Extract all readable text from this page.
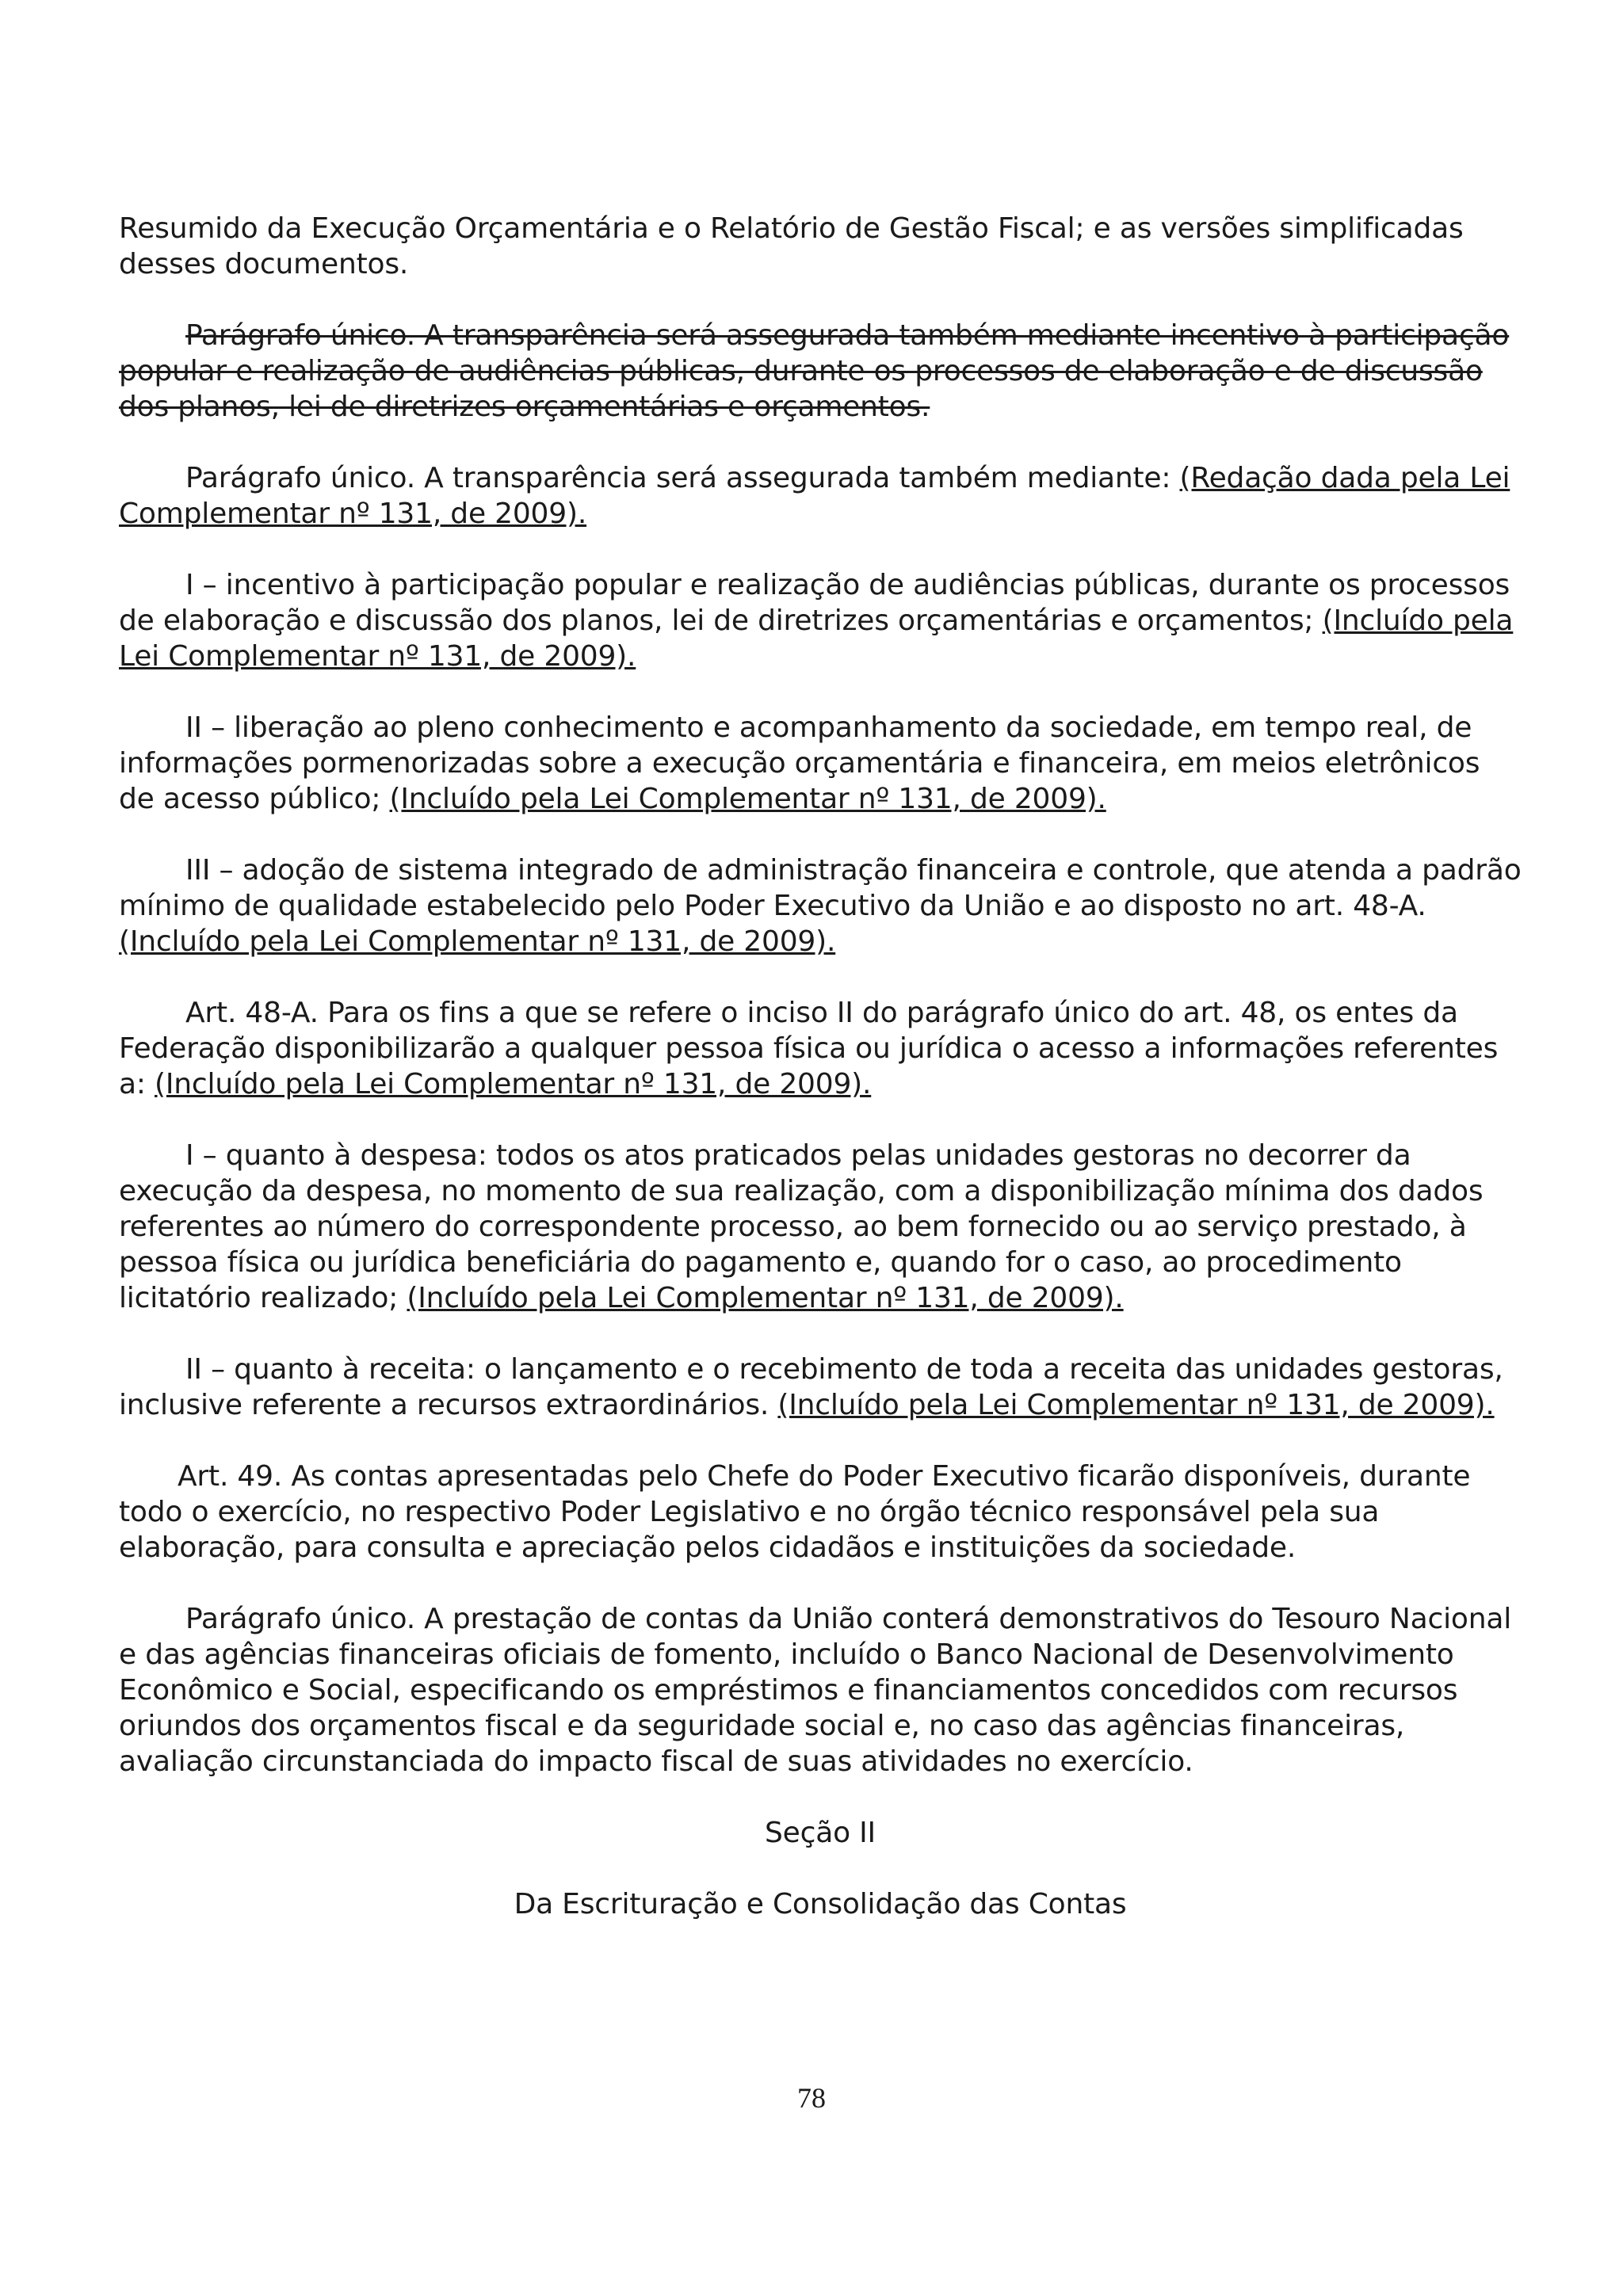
Resumido da Execução Orçamentária e o Relatório de Gestão Fiscal; e as versões simplificadas desses documentos.

Parágrafo único. A transparência será assegurada também mediante incentivo à participação popular e realização de audiências públicas, durante os processos de elaboração e de discussão dos planos, lei de diretrizes orçamentárias e orçamentos.

Parágrafo único. A transparência será assegurada também mediante: (Redação dada pela Lei Complementar nº 131, de 2009).

I – incentivo à participação popular e realização de audiências públicas, durante os processos de elaboração e discussão dos planos, lei de diretrizes orçamentárias e orçamentos; (Incluído pela Lei Complementar nº 131, de 2009).

II – liberação ao pleno conhecimento e acompanhamento da sociedade, em tempo real, de informações pormenorizadas sobre a execução orçamentária e financeira, em meios eletrônicos de acesso público; (Incluído pela Lei Complementar nº 131, de 2009).

III – adoção de sistema integrado de administração financeira e controle, que atenda a padrão mínimo de qualidade estabelecido pelo Poder Executivo da União e ao disposto no art. 48-A. (Incluído pela Lei Complementar nº 131, de 2009).

Art. 48-A. Para os fins a que se refere o inciso II do parágrafo único do art. 48, os entes da Federação disponibilizarão a qualquer pessoa física ou jurídica o acesso a informações referentes a: (Incluído pela Lei Complementar nº 131, de 2009).

I – quanto à despesa: todos os atos praticados pelas unidades gestoras no decorrer da execução da despesa, no momento de sua realização, com a disponibilização mínima dos dados referentes ao número do correspondente processo, ao bem fornecido ou ao serviço prestado, à pessoa física ou jurídica beneficiária do pagamento e, quando for o caso, ao procedimento licitatório realizado; (Incluído pela Lei Complementar nº 131, de 2009).

II – quanto à receita: o lançamento e o recebimento de toda a receita das unidades gestoras, inclusive referente a recursos extraordinários. (Incluído pela Lei Complementar nº 131, de 2009).

Art. 49. As contas apresentadas pelo Chefe do Poder Executivo ficarão disponíveis, durante todo o exercício, no respectivo Poder Legislativo e no órgão técnico responsável pela sua elaboração, para consulta e apreciação pelos cidadãos e instituições da sociedade.

Parágrafo único. A prestação de contas da União conterá demonstrativos do Tesouro Nacional e das agências financeiras oficiais de fomento, incluído o Banco Nacional de Desenvolvimento Econômico e Social, especificando os empréstimos e financiamentos concedidos com recursos oriundos dos orçamentos fiscal e da seguridade social e, no caso das agências financeiras, avaliação circunstanciada do impacto fiscal de suas atividades no exercício.

Seção II

Da Escrituração e Consolidação das Contas

78
